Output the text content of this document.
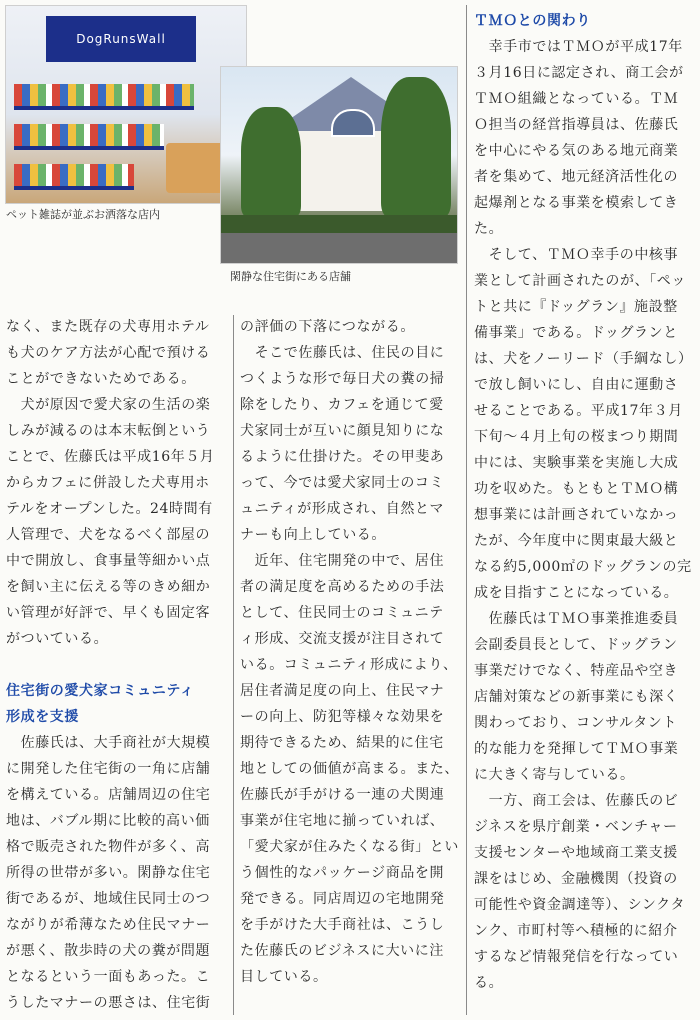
DogRunsWall
ペット雑誌が並ぶお洒落な店内
閑静な住宅街にある店舗

なく、また既存の犬専用ホテル

も犬のケア方法が心配で預ける

ことができないためである。

　犬が原因で愛犬家の生活の楽

しみが減るのは本末転倒という

ことで、佐藤氏は平成16年５月

からカフェに併設した犬専用ホ

テルをオープンした。24時間有

人管理で、犬をなるべく部屋の

中で開放し、食事量等細かい点

を飼い主に伝える等のきめ細か

い管理が好評で、早くも固定客

がついている。

住宅街の愛犬家コミュニティ

形成を支援

　佐藤氏は、大手商社が大規模

に開発した住宅街の一角に店舗

を構えている。店舗周辺の住宅

地は、バブル期に比較的高い価

格で販売された物件が多く、高

所得の世帯が多い。閑静な住宅

街であるが、地域住民同士のつ

ながりが希薄なため住民マナー

が悪く、散歩時の犬の糞が問題

となるという一面もあった。こ

うしたマナーの悪さは、住宅街

の評価の下落につながる。

　そこで佐藤氏は、住民の目に

つくような形で毎日犬の糞の掃

除をしたり、カフェを通じて愛

犬家同士が互いに顔見知りにな

るように仕掛けた。その甲斐あ

って、今では愛犬家同士のコミ

ュニティが形成され、自然とマ

ナーも向上している。

　近年、住宅開発の中で、居住

者の満足度を高めるための手法

として、住民同士のコミュニテ

ィ形成、交流支援が注目されて

いる。コミュニティ形成により、

居住者満足度の向上、住民マナ

ーの向上、防犯等様々な効果を

期待できるため、結果的に住宅

地としての価値が高まる。また、

佐藤氏が手がける一連の犬関連

事業が住宅地に揃っていれば、

「愛犬家が住みたくなる街」とい

う個性的なパッケージ商品を開

発できる。同店周辺の宅地開発

を手がけた大手商社は、こうし

た佐藤氏のビジネスに大いに注

目している。

ＴＭＯとの関わり

　幸手市ではＴＭＯが平成17年

３月16日に認定され、商工会が

ＴＭＯ組織となっている。ＴＭ

Ｏ担当の経営指導員は、佐藤氏

を中心にやる気のある地元商業

者を集めて、地元経済活性化の

起爆剤となる事業を模索してき

た。

　そして、ＴＭＯ幸手の中核事

業として計画されたのが、「ペッ

トと共に『ドッグラン』施設整

備事業」である。ドッグランと

は、犬をノーリード（手綱なし）

で放し飼いにし、自由に運動さ

せることである。平成17年３月

下旬～４月上旬の桜まつり期間

中には、実験事業を実施し大成

功を収めた。もともとＴＭＯ構

想事業には計画されていなかっ

たが、今年度中に関東最大級と

なる約5,000㎡のドッグランの完

成を目指すことになっている。

　佐藤氏はＴＭＯ事業推進委員

会副委員長として、ドッグラン

事業だけでなく、特産品や空き

店舗対策などの新事業にも深く

関わっており、コンサルタント

的な能力を発揮してＴＭＯ事業

に大きく寄与している。

　一方、商工会は、佐藤氏のビ

ジネスを県庁創業・ベンチャー

支援センターや地域商工業支援

課をはじめ、金融機関（投資の

可能性や資金調達等）、シンクタ

ンク、市町村等へ積極的に紹介

するなど情報発信を行なってい

る。
